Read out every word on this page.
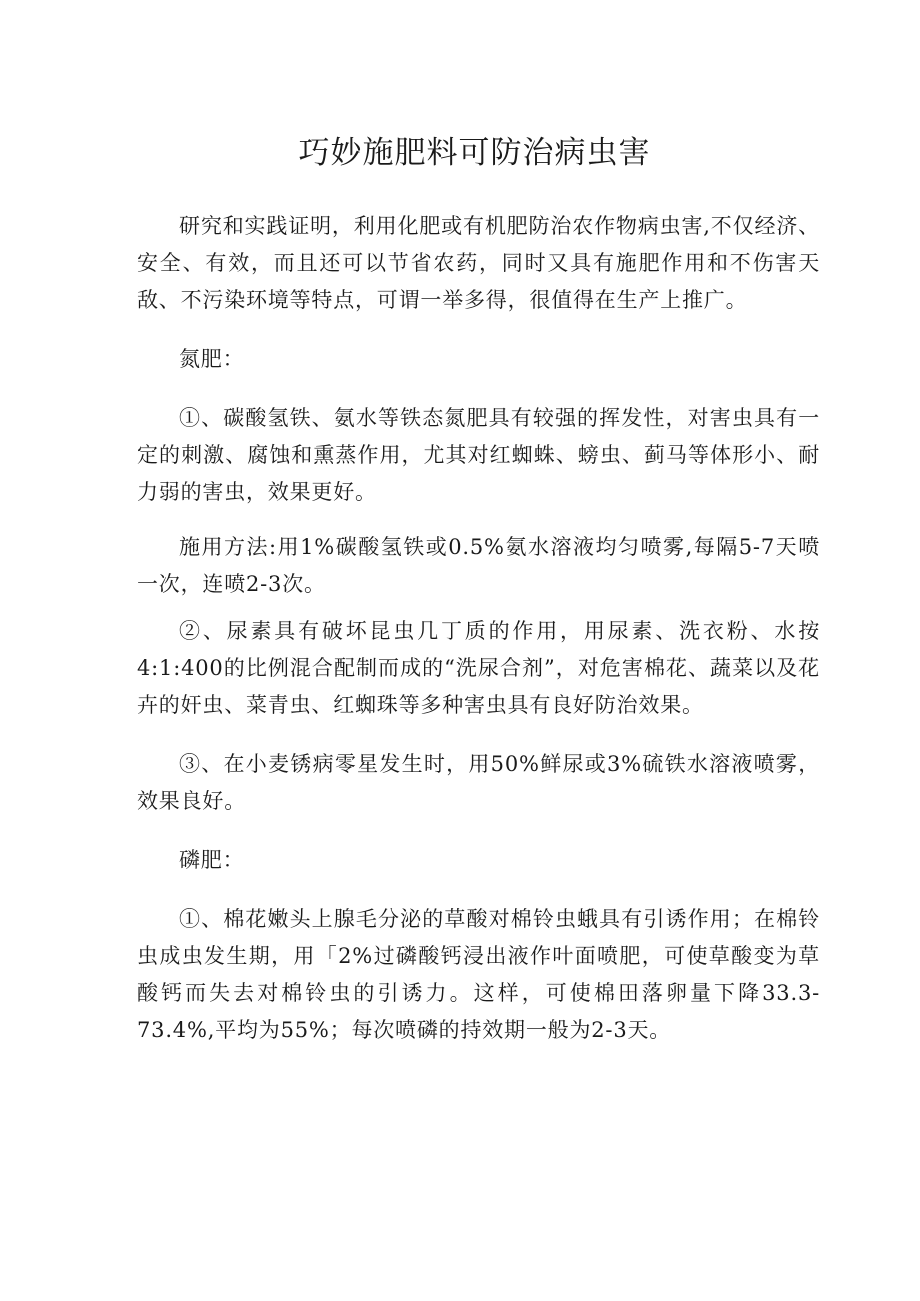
巧妙施肥料可防治病虫害

研究和实践证明，利用化肥或有机肥防治农作物病虫害,不仅经济、安全、有效，而且还可以节省农药，同时又具有施肥作用和不伤害天敌、不污染环境等特点，可谓一举多得，很值得在生产上推广。

氮肥：

①、碳酸氢铁、氨水等铁态氮肥具有较强的挥发性，对害虫具有一定的刺激、腐蚀和熏蒸作用，尤其对红蜘蛛、螃虫、蓟马等体形小、耐力弱的害虫，效果更好。

施用方法:用1%碳酸氢铁或0.5%氨水溶液均匀喷雾,每隔5-7天喷一次，连喷2-3次。

②、尿素具有破坏昆虫几丁质的作用，用尿素、洗衣粉、水按4:1:400的比例混合配制而成的“洗尿合剂”，对危害棉花、蔬菜以及花卉的奸虫、菜青虫、红蜘珠等多种害虫具有良好防治效果。

③、在小麦锈病零星发生时，用50%鲜尿或3%硫铁水溶液喷雾，效果良好。

磷肥：

①、棉花嫩头上腺毛分泌的草酸对棉铃虫蛾具有引诱作用；在棉铃虫成虫发生期，用「2%过磷酸钙浸出液作叶面喷肥，可使草酸变为草酸钙而失去对棉铃虫的引诱力。这样，可使棉田落卵量下降33.3-73.4%,平均为55%；每次喷磷的持效期一般为2-3天。
